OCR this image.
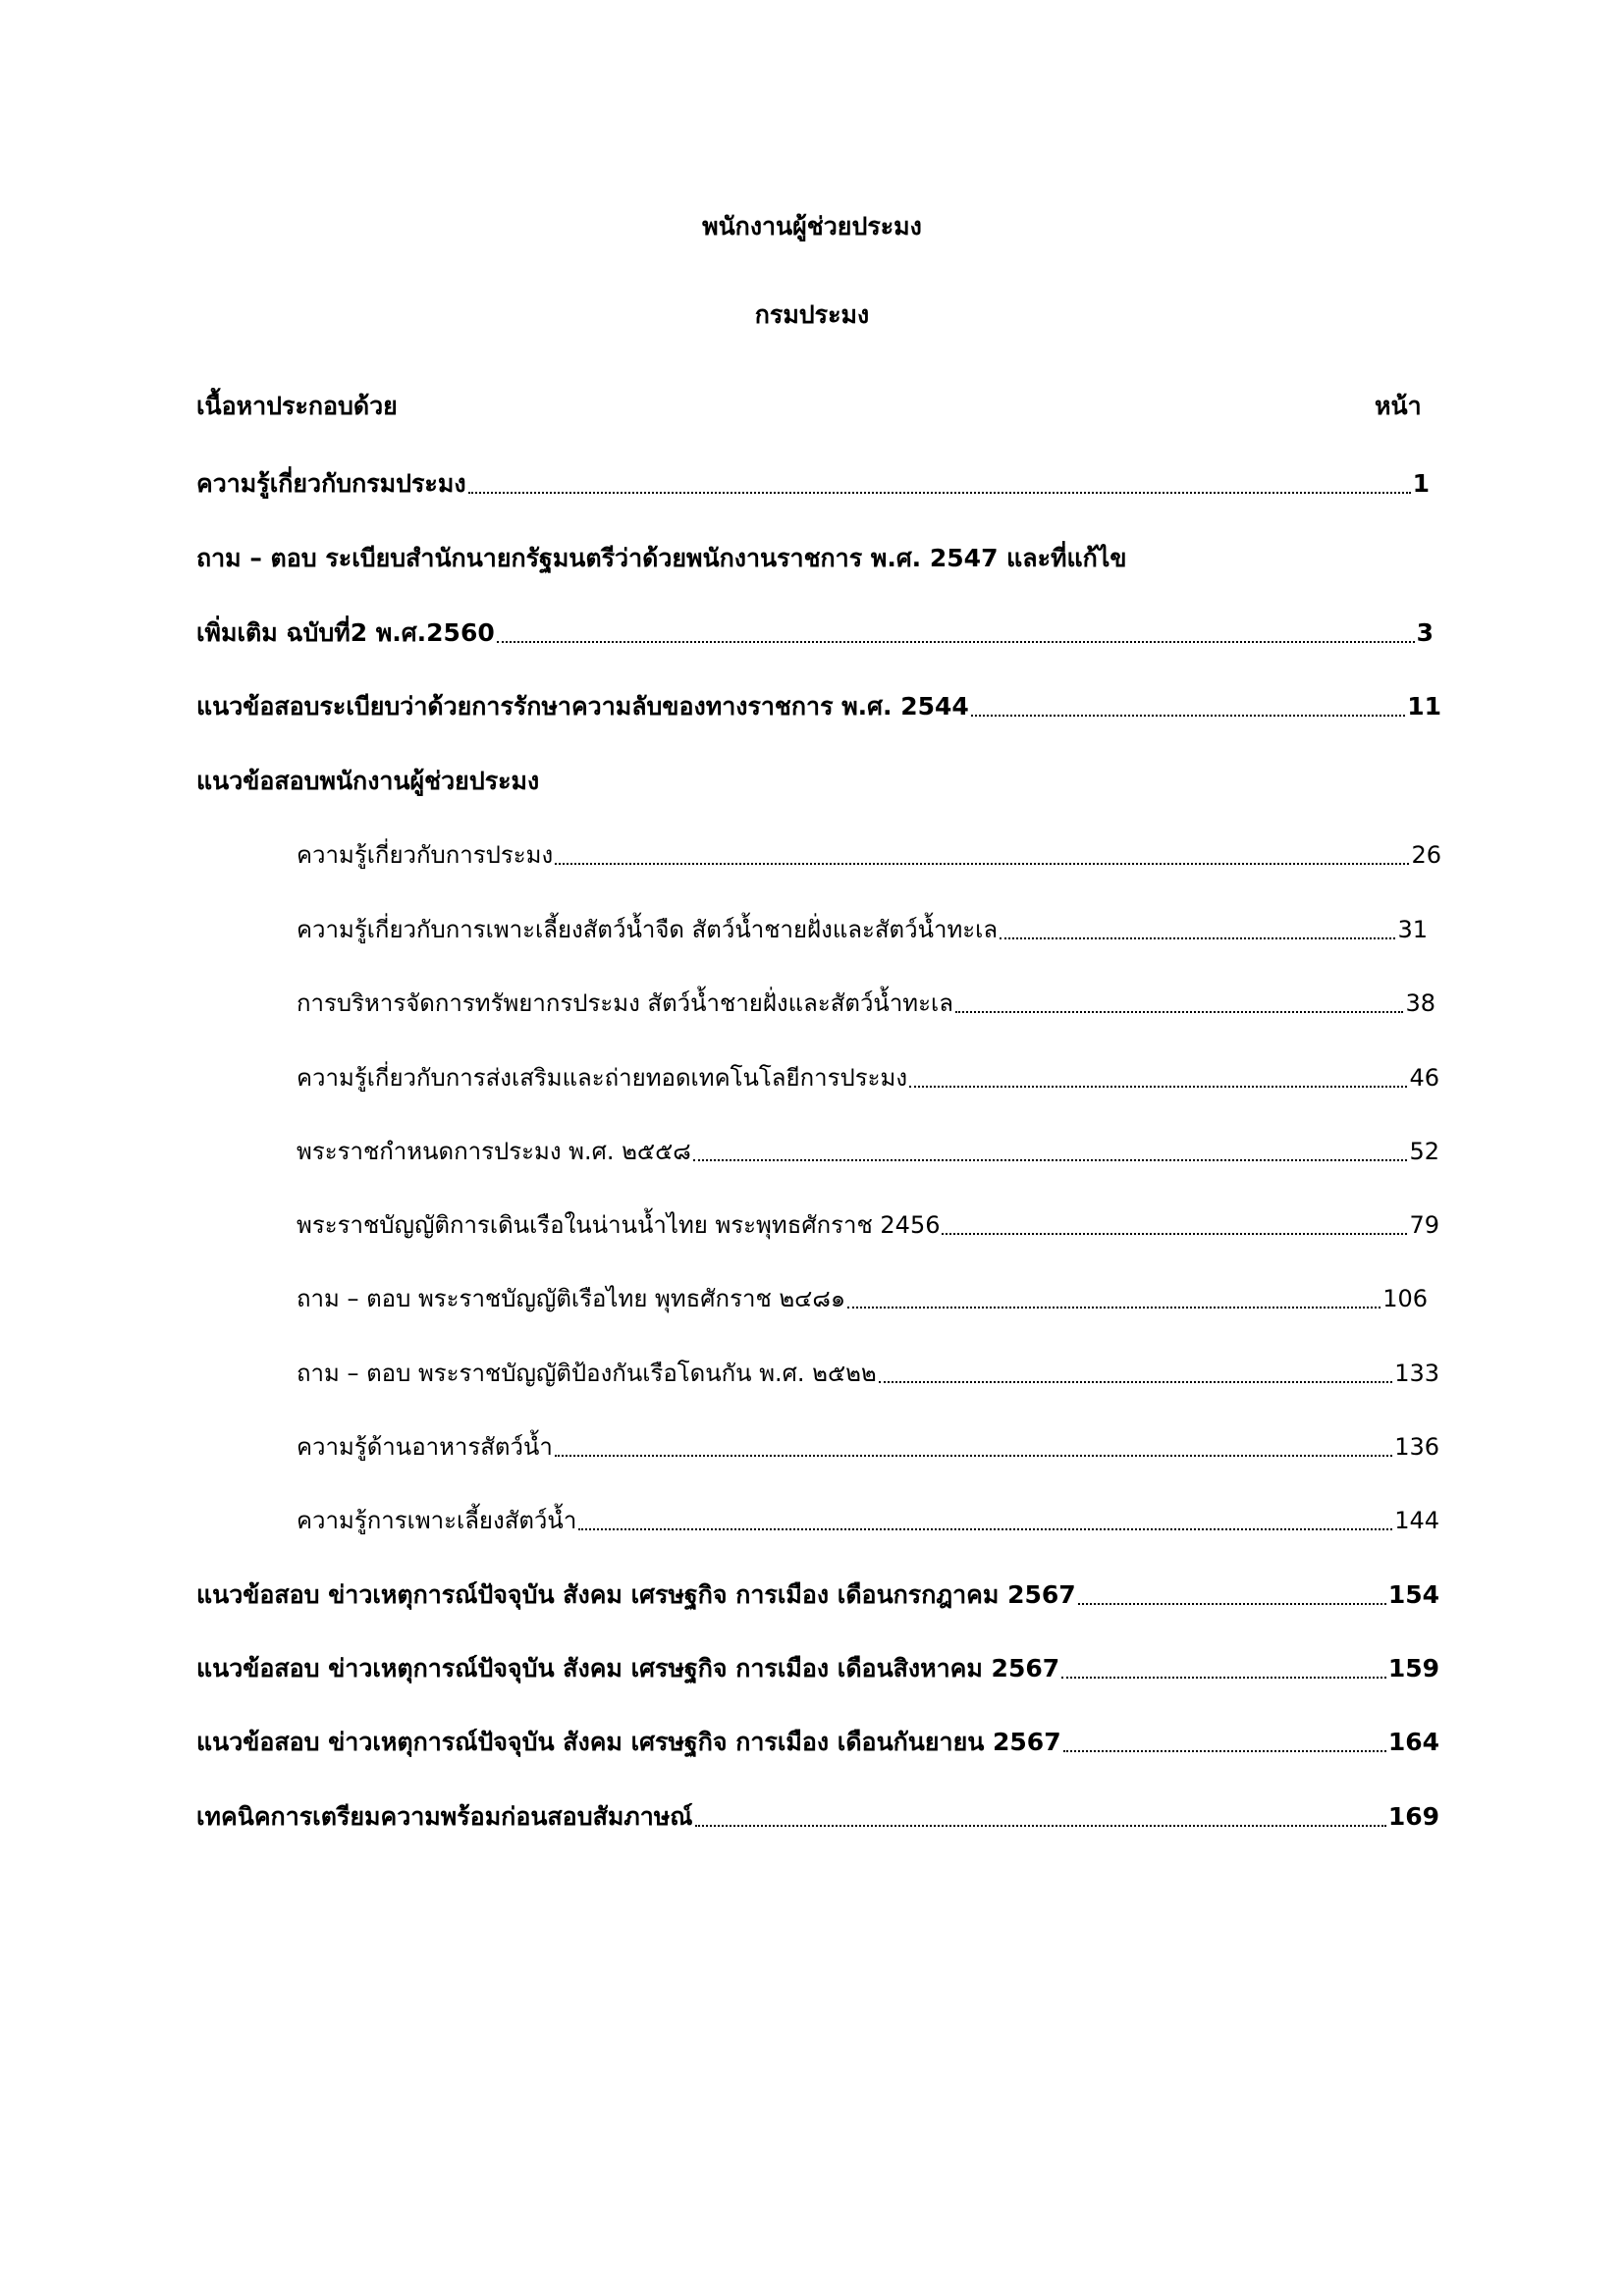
พนักงานผู้ช่วยประมง
กรมประมง
เนื้อหาประกอบด้วย	หน้า
ความรู้เกี่ยวกับกรมประมง	1
ถาม – ตอบ ระเบียบสำนักนายกรัฐมนตรีว่าด้วยพนักงานราชการ พ.ศ. 2547 และที่แก้ไข
เพิ่มเติม ฉบับที่2 พ.ศ.2560	3
แนวข้อสอบระเบียบว่าด้วยการรักษาความลับของทางราชการ พ.ศ. 2544	11
แนวข้อสอบพนักงานผู้ช่วยประมง
ความรู้เกี่ยวกับการประมง	26
ความรู้เกี่ยวกับการเพาะเลี้ยงสัตว์น้ำจืด สัตว์น้ำชายฝั่งและสัตว์น้ำทะเล	31
การบริหารจัดการทรัพยากรประมง สัตว์น้ำชายฝั่งและสัตว์น้ำทะเล	38
ความรู้เกี่ยวกับการส่งเสริมและถ่ายทอดเทคโนโลยีการประมง	46
พระราชกำหนดการประมง พ.ศ. ๒๕๕๘	52
พระราชบัญญัติการเดินเรือในน่านน้ำไทย พระพุทธศักราช 2456	79
ถาม – ตอบ พระราชบัญญัติเรือไทย พุทธศักราช ๒๔๘๑	106
ถาม – ตอบ พระราชบัญญัติป้องกันเรือโดนกัน พ.ศ. ๒๕๒๒	133
ความรู้ด้านอาหารสัตว์น้ำ	136
ความรู้การเพาะเลี้ยงสัตว์น้ำ	144
แนวข้อสอบ ข่าวเหตุการณ์ปัจจุบัน สังคม เศรษฐกิจ การเมือง เดือนกรกฎาคม 2567	154
แนวข้อสอบ ข่าวเหตุการณ์ปัจจุบัน สังคม เศรษฐกิจ การเมือง เดือนสิงหาคม 2567	159
แนวข้อสอบ ข่าวเหตุการณ์ปัจจุบัน สังคม เศรษฐกิจ การเมือง เดือนกันยายน 2567	164
เทคนิคการเตรียมความพร้อมก่อนสอบสัมภาษณ์	169
